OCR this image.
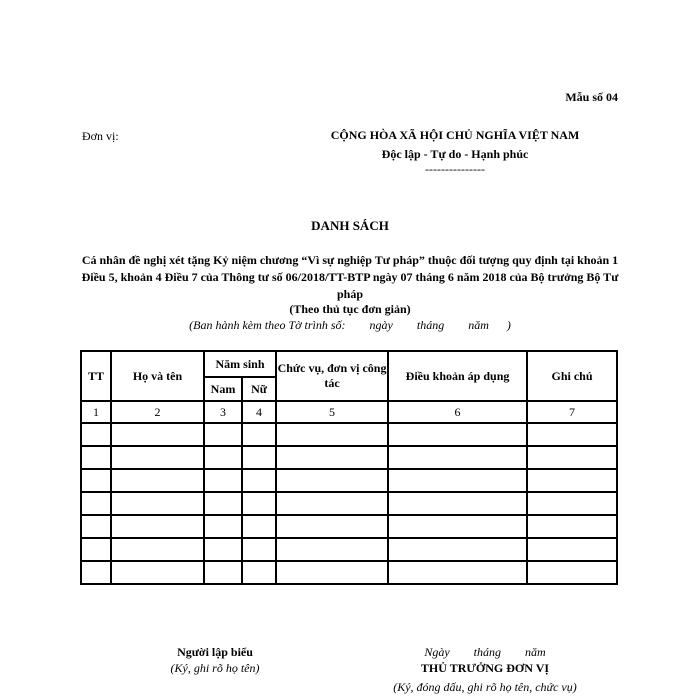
Mẫu số 04
Đơn vị:	CỘNG HÒA XÃ HỘI CHỦ NGHĨA VIỆT NAM
Độc lập - Tự do - Hạnh phúc
---------------
DANH SÁCH
Cá nhân đề nghị xét tặng Kỷ niệm chương “Vì sự nghiệp Tư pháp” thuộc đối tượng quy định tại khoản 1 Điều 5, khoản 4 Điều 7 của Thông tư số 06/2018/TT-BTP ngày 07 tháng 6 năm 2018 của Bộ trưởng Bộ Tư pháp
(Theo thủ tục đơn giản)
(Ban hành kèm theo Tờ trình số:        ngày        tháng        năm      )
TT	Họ và tên	Năm sinh		Chức vụ, đơn vị công tác	Điều khoản áp dụng	Ghi chú
		Nam	Nữ			
1	2	3	4	5	6	7

Người lập biểu
(Ký, ghi rõ họ tên)
Ngày        tháng        năm
THỦ TRƯỞNG ĐƠN VỊ
(Ký, đóng dấu, ghi rõ họ tên, chức vụ)
